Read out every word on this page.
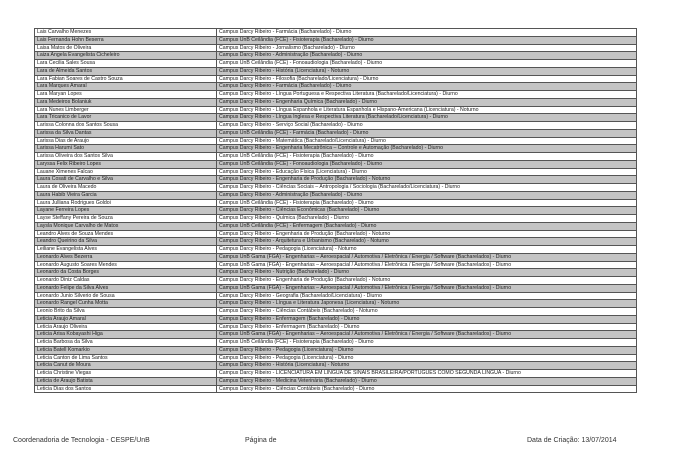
Lais Carvalho Menezes	Campus Darcy Ribeiro - Farmácia (Bacharelado) - Diurno
Lais Fernanda Hohn Beserra	Campus UnB Ceilândia (FCE) - Fisioterapia (Bacharelado) - Diurno
Laisa Matos de Oliveira	Campus Darcy Ribeiro - Jornalismo (Bacharelado) - Diurno
Laiza Angela Evangelista Cicheleiro	Campus Darcy Ribeiro - Administração (Bacharelado) - Diurno
Lara Cecilia Sales Sousa	Campus UnB Ceilândia (FCE) - Fonoaudiologia (Bacharelado) - Diurno
Lara de Almeida Santos	Campus Darcy Ribeiro - História (Licenciatura) - Noturno
Lara Fabian Soares de Castro Souza	Campus Darcy Ribeiro - Filosofia (Bacharelado/Licenciatura) - Diurno
Lara Marques Amaral	Campus Darcy Ribeiro - Farmácia (Bacharelado) - Diurno
Lara Maryan Lopes	Campus Darcy Ribeiro - Língua Portuguesa e Respectiva Literatura (Bacharelado/Licenciatura) - Diurno
Lara Medeiros Bolaniuk	Campus Darcy Ribeiro - Engenharia Química (Bacharelado) - Diurno
Lara Nunes Limberger	Campus Darcy Ribeiro - Língua Espanhola e Literatura Espanhola e Hispano-Americana (Licenciatura) - Noturno
Lara Tricanico de Lavor	Campus Darcy Ribeiro - Língua Inglesa e Respectiva Literatura (Bacharelado/Licenciatura) - Diurno
Larissa Colonna dos Santos Sousa	Campus Darcy Ribeiro - Serviço Social (Bacharelado) - Diurno
Larissa da Silva Dantas	Campus UnB Ceilândia (FCE) - Farmácia (Bacharelado) - Diurno
Larissa Dias de Araujo	Campus Darcy Ribeiro - Matemática (Bacharelado/Licenciatura) - Diurno
Larissa Harumi Sato	Campus Darcy Ribeiro - Engenharia Mecatrônica – Controle e Automação (Bacharelado) - Diurno
Larissa Oliveira dos Santos Silva	Campus UnB Ceilândia (FCE) - Fisioterapia (Bacharelado) - Diurno
Laryssa Felix Ribeiro Lopes	Campus UnB Ceilândia (FCE) - Fonoaudiologia (Bacharelado) - Diurno
Lauane Ximenes Falcao	Campus Darcy Ribeiro - Educação Física (Licenciatura) - Diurno
Laura Cosati de Carvalho e Silva	Campus Darcy Ribeiro - Engenharia de Produção (Bacharelado) - Noturno
Laura de Oliveira Macedo	Campus Darcy Ribeiro - Ciências Sociais – Antropologia / Sociologia (Bacharelado/Licenciatura) - Diurno
Laura Habib Vieira Garcia	Campus Darcy Ribeiro - Administração (Bacharelado) - Diurno
Laura Julliana Rodrigues Goldoi	Campus UnB Ceilândia (FCE) - Fisioterapia (Bacharelado) - Diurno
Layane Ferreira Lopes	Campus Darcy Ribeiro - Ciências Econômicas (Bacharelado) - Diurno
Layse Steffany Pereira de Souza	Campus Darcy Ribeiro - Química (Bacharelado) - Diurno
Laysla Monique Carvalho de Matos	Campus UnB Ceilândia (FCE) - Enfermagem (Bacharelado) - Diurno
Leandro Alves de Souza Mendes	Campus Darcy Ribeiro - Engenharia de Produção (Bacharelado) - Noturno
Leandro Queirino da Silva	Campus Darcy Ribeiro - Arquitetura e Urbanismo (Bacharelado) - Noturno
Leiliane Evangelista Alves	Campus Darcy Ribeiro - Pedagogia (Licenciatura) - Noturno
Leonardo Alves Bezerra	Campus UnB Gama (FGA) - Engenharias – Aeroespacial / Automotiva / Eletrônica / Energia / Software (Bacharelados) - Diurno
Leonardo Augusto Soares Mendes	Campus UnB Gama (FGA) - Engenharias – Aeroespacial / Automotiva / Eletrônica / Energia / Software (Bacharelados) - Diurno
Leonardo da Costa Borges	Campus Darcy Ribeiro - Nutrição (Bacharelado) - Diurno
Leonardo Diniz Caldas	Campus Darcy Ribeiro - Engenharia de Produção (Bacharelado) - Noturno
Leonardo Felipe da Silva Alves	Campus UnB Gama (FGA) - Engenharias – Aeroespacial / Automotiva / Eletrônica / Energia / Software (Bacharelados) - Diurno
Leonardo Junio Silverio de Sousa	Campus Darcy Ribeiro - Geografia (Bacharelado/Licenciatura) - Diurno
Leonardo Rangel Cunha Motta	Campus Darcy Ribeiro - Língua e Literatura Japonesa (Licenciatura) - Noturno
Leonio Brito da Silva	Campus Darcy Ribeiro - Ciências Contábeis (Bacharelado) - Noturno
Leticia Araujo Amaral	Campus Darcy Ribeiro - Enfermagem (Bacharelado) - Diurno
Leticia Araujo Oliveira	Campus Darcy Ribeiro - Enfermagem (Bacharelado) - Diurno
Leticia Arisa Kobayashi Higa	Campus UnB Gama (FGA) - Engenharias – Aeroespacial / Automotiva / Eletrônica / Energia / Software (Bacharelados) - Diurno
Leticia Barbosa da Silva	Campus UnB Ceilândia (FCE) - Fisioterapia (Bacharelado) - Diurno
Leticia Batell Komarkio	Campus Darcy Ribeiro - Pedagogia (Licenciatura) - Diurno
Leticia Canton de Lima Santos	Campus Darcy Ribeiro - Pedagogia (Licenciatura) - Diurno
Leticia Canut de Moura	Campus Darcy Ribeiro - História (Licenciatura) - Noturno
Leticia Christine Viegas	Campus Darcy Ribeiro - LICENCIATURA EM LÍNGUA DE SINAIS BRASILEIRA/PORTUGUÊS COMO SEGUNDA LÍNGUA - Diurno
Leticia de Araujo Batista	Campus Darcy Ribeiro - Medicina Veterinária (Bacharelado) - Diurno
Leticia Dias dos Santos	Campus Darcy Ribeiro - Ciências Contábeis (Bacharelado) - Diurno
Coordenadoria de Tecnologia - CESPE/UnB	Página de	Data de Criação: 13/07/2014
